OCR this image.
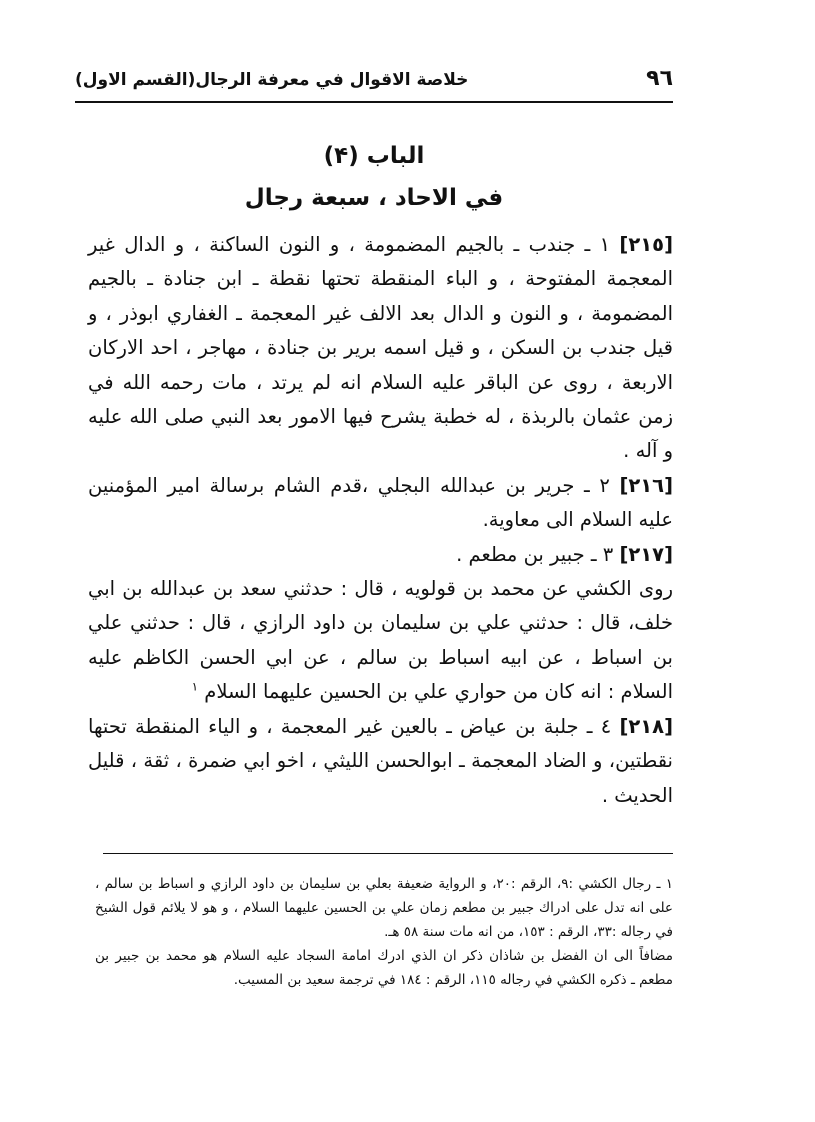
٩٦
خلاصة الاقوال في معرفة الرجال(القسم الاول)
الباب (۴)
في الاحاد ، سبعة رجال

[٢١٥] ١ ـ جندب ـ بالجيم المضمومة ، و النون الساكنة ، و الدال غير المعجمة المفتوحة ، و الباء المنقطة تحتها نقطة ـ ابن جنادة ـ بالجيم المضمومة ، و النون و الدال بعد الالف غير المعجمة ـ الغفاري ابوذر ، و قيل جندب بن السكن ، و قيل اسمه برير بن جنادة ، مهاجر ، احد الاركان الاربعة ، روى عن الباقر عليه السلام انه لم يرتد ، مات رحمه الله في زمن عثمان بالربذة ، له خطبة يشرح فيها الامور بعد النبي صلى الله عليه و آله .

[٢١٦] ٢ ـ جرير بن عبدالله البجلي ،قدم الشام برسالة امير المؤمنين عليه السلام الى معاوية.

[٢١٧] ٣ ـ جبير بن مطعم .

روى الكشي عن محمد بن قولويه ، قال : حدثني سعد بن عبدالله بن ابي خلف، قال : حدثني علي بن سليمان بن داود الرازي ، قال : حدثني علي بن اسباط ، عن ابيه اسباط بن سالم ، عن ابي الحسن الكاظم عليه السلام : انه كان من حواري علي بن الحسين عليهما السلام $^١$

[٢١٨] ٤ ـ جلبة بن عياض ـ بالعين غير المعجمة ، و الياء المنقطة تحتها نقطتين، و الضاد المعجمة ـ ابوالحسن الليثي ، اخو ابي ضمرة ، ثقة ، قليل الحديث .

١ ـ رجال الكشي :٩، الرقم :٢٠، و الرواية ضعيفة بعلي بن سليمان بن داود الرازي و اسباط بن سالم ، على انه تدل على ادراك جبير بن مطعم زمان علي بن الحسين عليهما السلام ، و هو لا يلائم قول الشيخ في رجاله :٣٣، الرقم : ١٥٣، من انه مات سنة ٥٨ هـ.

مضافاً الى ان الفضل بن شاذان ذكر ان الذي ادرك امامة السجاد عليه السلام هو محمد بن جبير بن مطعم ـ ذكره الكشي في رجاله ١١٥، الرقم : ١٨٤ في ترجمة سعيد بن المسيب.
